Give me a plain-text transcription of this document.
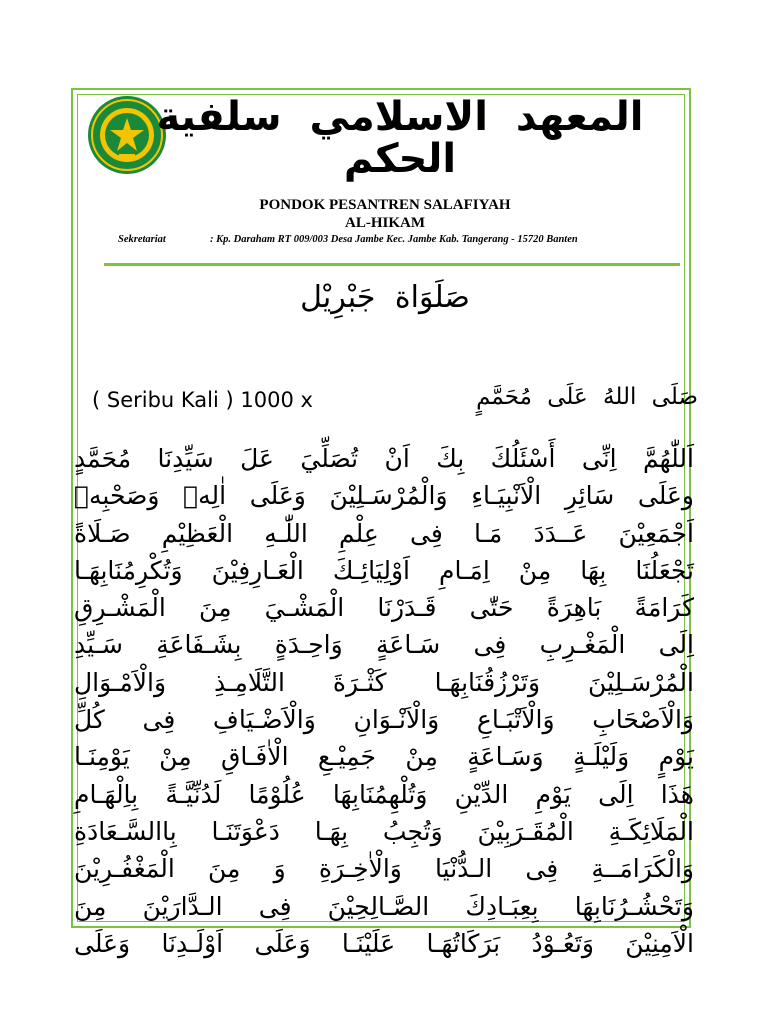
المعهد الاسلامي سلفية الحكم
PONDOK PESANTREN SALAFIYAH
AL-HIKAM
Sekretariat	: Kp. Daraham RT 009/003 Desa Jambe Kec. Jambe Kab. Tangerang - 15720 Banten
صَلَوَاة جَبْرِيْل
( Seribu Kali ) 1000 x	صَلَى اللهُ عَلَى مُحَمَّمٍ
اَللّٰهُمَّ اِنِّى أَسْئَلُكَ بِكَ اَنْ تُصَلِّيَ عَلَ سَيِّدِنَا مُحَمَّدٍ
وعَلَى سَائِرِ الْاَنْبِيَـاءِ وَالْمُرْسَـلِيْنَ وَعَلَى اٰلِهٖ وَصَحْبِهٖ
اَجْمَعِيْنَ عَــدَدَ مَـا فِى عِلْمِ اللّٰـهِ الْعَظِيْمِ صَـلَاةً
تَجْعَلُنَا بِهَا مِنْ اِمَـامِ اَوْلِيَائِـكَ الْعَـارِفِيْنَ وَتُكْرِمُنَابِهَـا
كَرَامَةً بَاهِرَةً حَتّٰى قَـدَرْنَا الْمَشْـيَ مِنَ الْمَشْـرِقِ
اِلَى الْمَغْـرِبِ فِى سَـاعَةٍ وَاحِـدَةٍ بِشَـفَاعَةِ سَـيِّدِ
الْمُرْسَـلِيْنَ وَتَرْزُقُنَابِهَـا كَثْـرَةَ التَّلَامِـذِ وَالْاَمْـوَالِ
وَالْاَصْحَابِ وَالْاَتْبَـاعِ وَالْاَنْـوَانِ وَالْاَضْـيَافِ فِى كُلِّ
يَوْمٍ وَلَيْلَـةٍ وَسَـاعَةٍ مِنْ جَمِيْـعِ الْاٰفَـاقِ مِنْ يَوْمِنَـا
هَذَا اِلَى يَوْمِ الدِّيْنِ وَتُلْهِمُنَابِهَا عُلُوْمًا لَدُنِّيَّـةً بِاِلْهَـامِ
الْمَلَائِكَـةِ الْمُقَـرَبِيْنَ وَتُجِبُ بِهَـا دَعْوَتَنَـا بِاالسَّـعَادَةِ
وَالْكَرَامَــةِ فِى الـدُّنْيَا وَالْاٰخِـرَةِ وَ مِنَ الْمَغْفُـرِيْنَ
وَتَحْشُـرُنَابِهَا بِعِبَـادِكَ الصَّـالِحِيْنَ فِى الـدَّارَيْنَ مِنَ
الْاَمِنِيْنَ وَتَعُـوْدُ بَرَكَاتُهَـا عَلَيْنَـا وَعَلَى اَوْلَـدِنَا وَعَلَى
